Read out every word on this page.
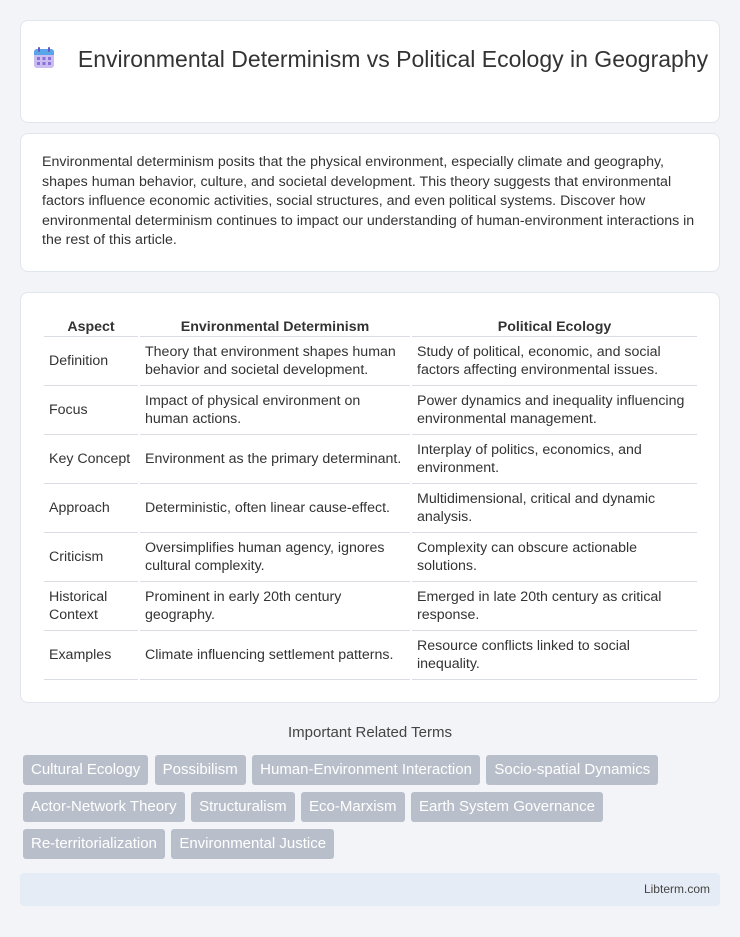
Environmental Determinism vs Political Ecology in Geography

Environmental determinism posits that the physical environment, especially climate and geography, shapes human behavior, culture, and societal development. This theory suggests that environmental factors influence economic activities, social structures, and even political systems. Discover how environmental determinism continues to impact our understanding of human-environment interactions in the rest of this article.

Aspect	Environmental Determinism	Political Ecology
Definition	Theory that environment shapes human behavior and societal development.	Study of political, economic, and social factors affecting environmental issues.
Focus	Impact of physical environment on human actions.	Power dynamics and inequality influencing environmental management.
Key Concept	Environment as the primary determinant.	Interplay of politics, economics, and environment.
Approach	Deterministic, often linear cause-effect.	Multidimensional, critical and dynamic analysis.
Criticism	Oversimplifies human agency, ignores cultural complexity.	Complexity can obscure actionable solutions.
Historical Context	Prominent in early 20th century geography.	Emerged in late 20th century as critical response.
Examples	Climate influencing settlement patterns.	Resource conflicts linked to social inequality.
Important Related Terms
Cultural Ecology Possibilism Human-Environment Interaction Socio-spatial Dynamics Actor-Network Theory Structuralism Eco-Marxism Earth System Governance Re-territorialization Environmental Justice
Libterm.com
